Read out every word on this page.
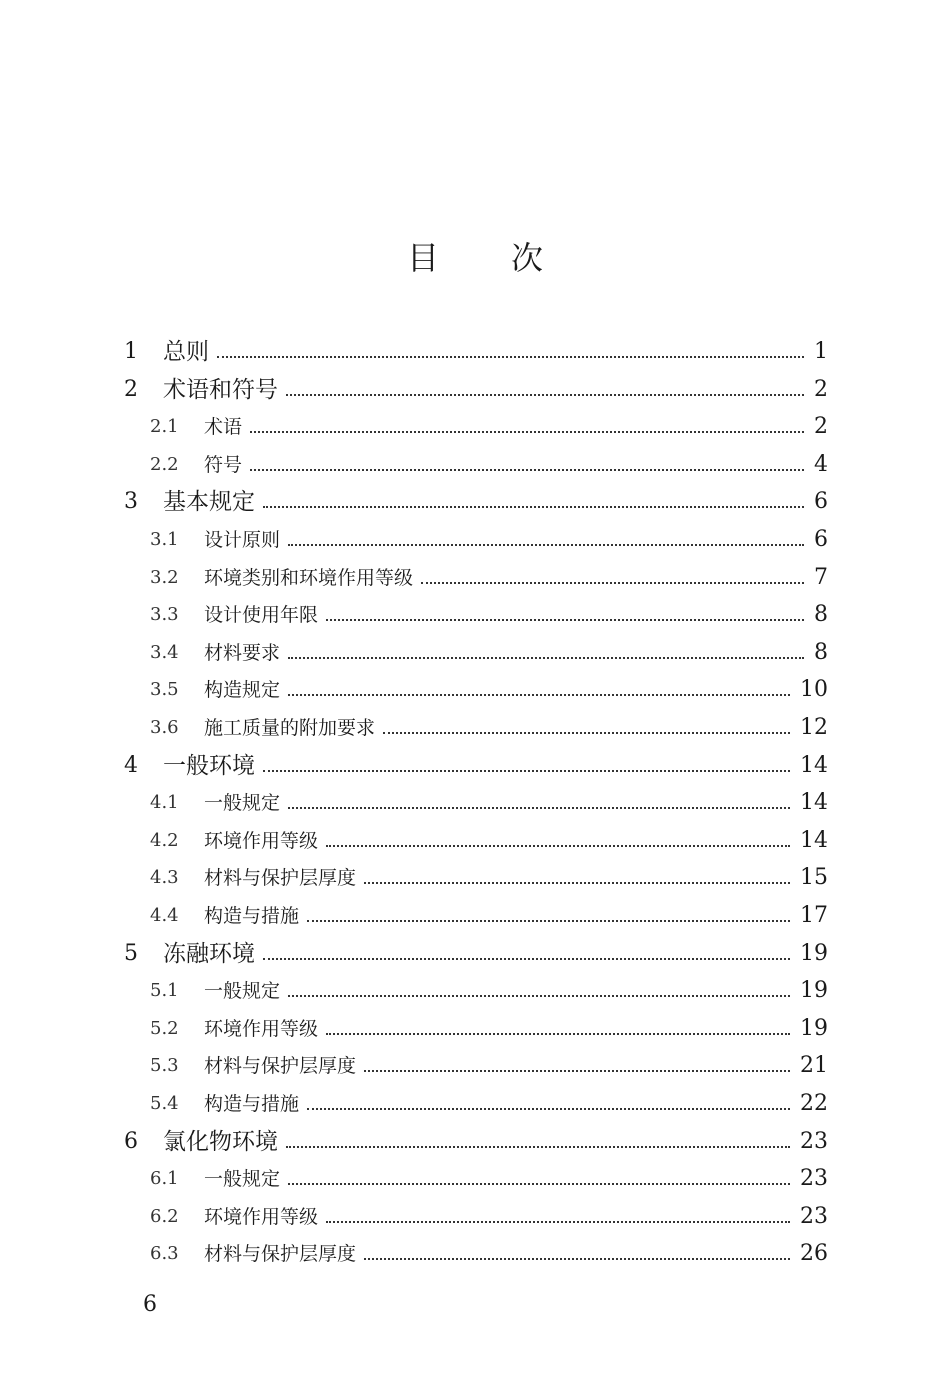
目次
1 总则	1
2 术语和符号	2
2.1 术语	2
2.2 符号	4
3 基本规定	6
3.1 设计原则	6
3.2 环境类别和环境作用等级	7
3.3 设计使用年限	8
3.4 材料要求	8
3.5 构造规定	10
3.6 施工质量的附加要求	12
4 一般环境	14
4.1 一般规定	14
4.2 环境作用等级	14
4.3 材料与保护层厚度	15
4.4 构造与措施	17
5 冻融环境	19
5.1 一般规定	19
5.2 环境作用等级	19
5.3 材料与保护层厚度	21
5.4 构造与措施	22
6 氯化物环境	23
6.1 一般规定	23
6.2 环境作用等级	23
6.3 材料与保护层厚度	26
6
